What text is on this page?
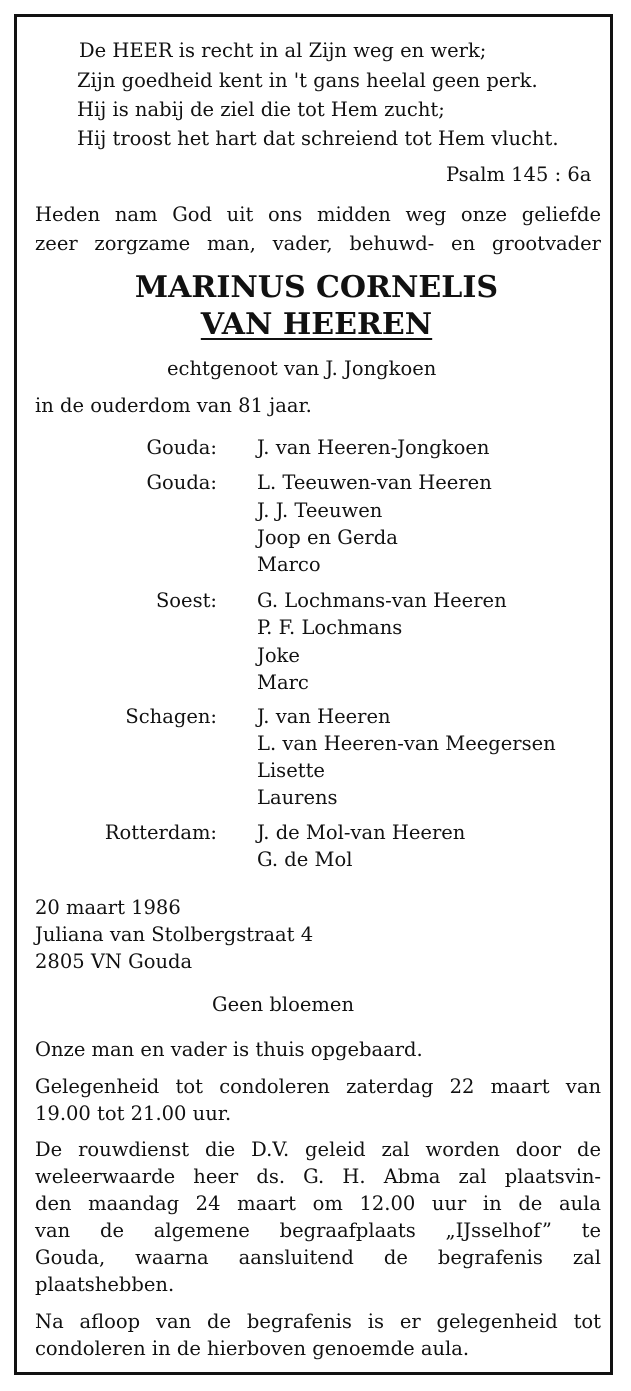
De HEER is recht in al Zijn weg en werk;
Zijn goedheid kent in 't gans heelal geen perk.
Hij is nabij de ziel die tot Hem zucht;
Hij troost het hart dat schreiend tot Hem vlucht.
Psalm 145 : 6a
Heden nam God uit ons midden weg onze geliefde
zeer zorgzame man, vader, behuwd- en grootvader
MARINUS CORNELIS
VAN HEEREN
echtgenoot van J. Jongkoen
in de ouderdom van 81 jaar.
Gouda: J. van Heeren-Jongkoen
Gouda: L. Teeuwen-van Heeren
J. J. Teeuwen
Joop en Gerda
Marco
Soest: G. Lochmans-van Heeren
P. F. Lochmans
Joke
Marc
Schagen: J. van Heeren
L. van Heeren-van Meegersen
Lisette
Laurens
Rotterdam: J. de Mol-van Heeren
G. de Mol
20 maart 1986
Juliana van Stolbergstraat 4
2805 VN Gouda
Geen bloemen
Onze man en vader is thuis opgebaard.
Gelegenheid tot condoleren zaterdag 22 maart van
19.00 tot 21.00 uur.
De rouwdienst die D.V. geleid zal worden door de
weleerwaarde heer ds. G. H. Abma zal plaatsvin-
den maandag 24 maart om 12.00 uur in de aula
van de algemene begraafplaats „IJsselhof” te
Gouda, waarna aansluitend de begrafenis zal
plaatshebben.
Na afloop van de begrafenis is er gelegenheid tot
condoleren in de hierboven genoemde aula.
